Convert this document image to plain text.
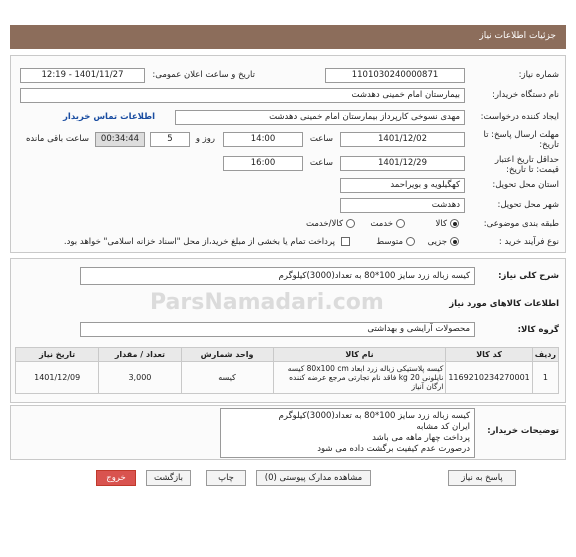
جزئیات اطلاعات نیاز
شماره نیاز:
1101030240000871
تاریخ و ساعت اعلان عمومی:
1401/11/27 - 12:19
نام دستگاه خریدار:
بیمارستان امام خمینی دهدشت
ایجاد کننده درخواست:
مهدی نسوخی کارپرداز بیمارستان امام خمینی دهدشت
اطلاعات تماس خریدار
مهلت ارسال پاسخ: تا
تاریخ:
1401/12/02
ساعت
14:00
5	روز و
00:34:44
ساعت باقی مانده
حداقل تاریخ اعتبار
قیمت: تا تاریخ:
1401/12/29
ساعت
16:00
استان محل تحویل:
کهگیلویه و بویراحمد
شهر محل تحویل:
دهدشت
طبقه بندی موضوعی:
کالا
خدمت
کالا/خدمت
نوع فرآیند خرید :
جزیی
متوسط
پرداخت تمام یا بخشی از مبلغ خرید،از محل "اسناد خزانه اسلامی" خواهد بود.
شرح کلی نیاز:
کیسه زباله زرد سایز 100*80 به تعداد(3000)کیلوگرم
اطلاعات کالاهای مورد نیاز
گروه کالا:
محصولات آرایشی و بهداشتی
ردیف	کد کالا	نام کالا	واحد شمارش	تعداد / مقدار	تاریخ نیاز
1	1169210234270001	کیسه پلاستیکی زباله زرد ابعاد 80x100 cm کیسه نایلونی 20 kg فاقد نام تجارتی مرجع عرضه کننده ارگان آنیاز	کیسه	3,000	1401/12/09
توضیحات خریدار:
کیسه زباله زرد سایز 100*80 به تعداد(3000)کیلوگرم
ایران کد مشابه
پرداخت چهار ماهه می باشد
درصورت عدم کیفیت برگشت داده می شود
پاسخ به نیاز
مشاهده مدارک پیوستی (0)
چاپ
بازگشت
خروج
ParsNamadari.com
